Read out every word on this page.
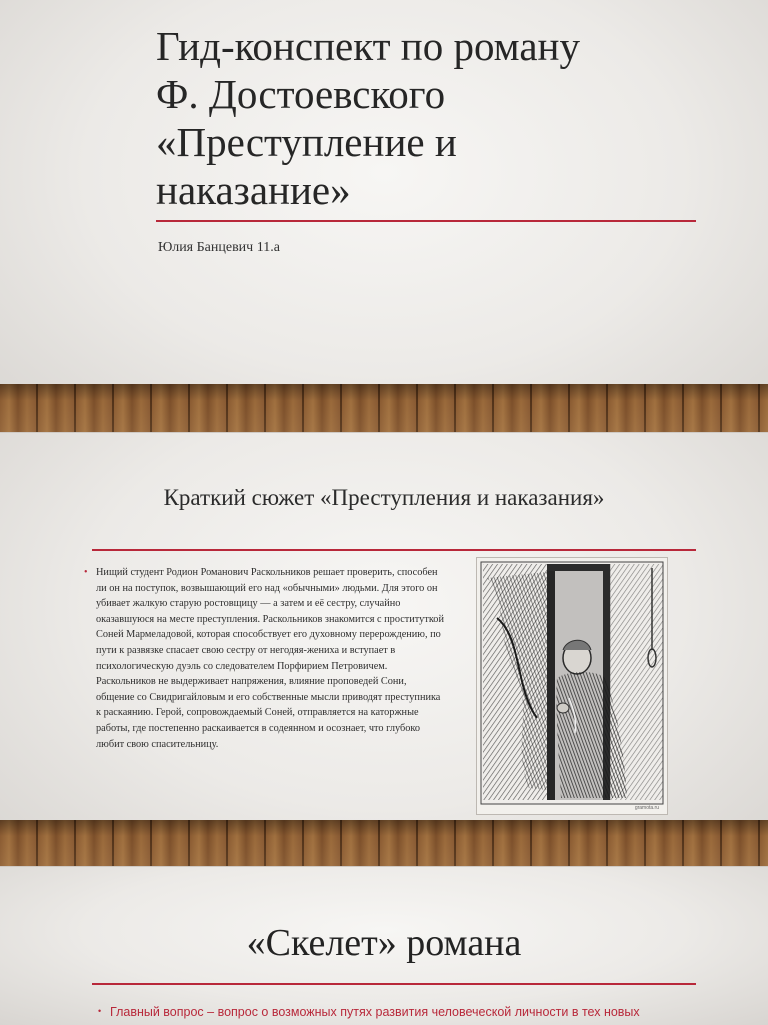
Гид-конспект по роману
Ф. Достоевского
«Преступление и
наказание»
Юлия Банцевич 11.а
Краткий сюжет «Преступления и наказания»
• Нищий студент Родион Романович Раскольников решает проверить, способен ли он на поступок, возвышающий его над «обычными» людьми. Для этого он убивает жалкую старую ростовщицу — а затем и её сестру, случайно оказавшуюся на месте преступления. Раскольников знакомится с проституткой Соней Мармеладовой, которая способствует его духовному перерождению, по пути к развязке спасает свою сестру от негодяя-жениха и вступает в психологическую дуэль со следователем Порфирием Петровичем. Раскольников не выдерживает напряжения, влияние проповедей Сони, общение со Свидригайловым и его собственные мысли приводят преступника к раскаянию. Герой, сопровождаемый Соней, отправляется на каторжные работы, где постепенно раскаивается в содеянном и осознает, что глубоко любит свою спасительницу.
gramota.ru
«Скелет» романа
• Главный вопрос – вопрос о возможных путях развития человеческой личности в тех новых
